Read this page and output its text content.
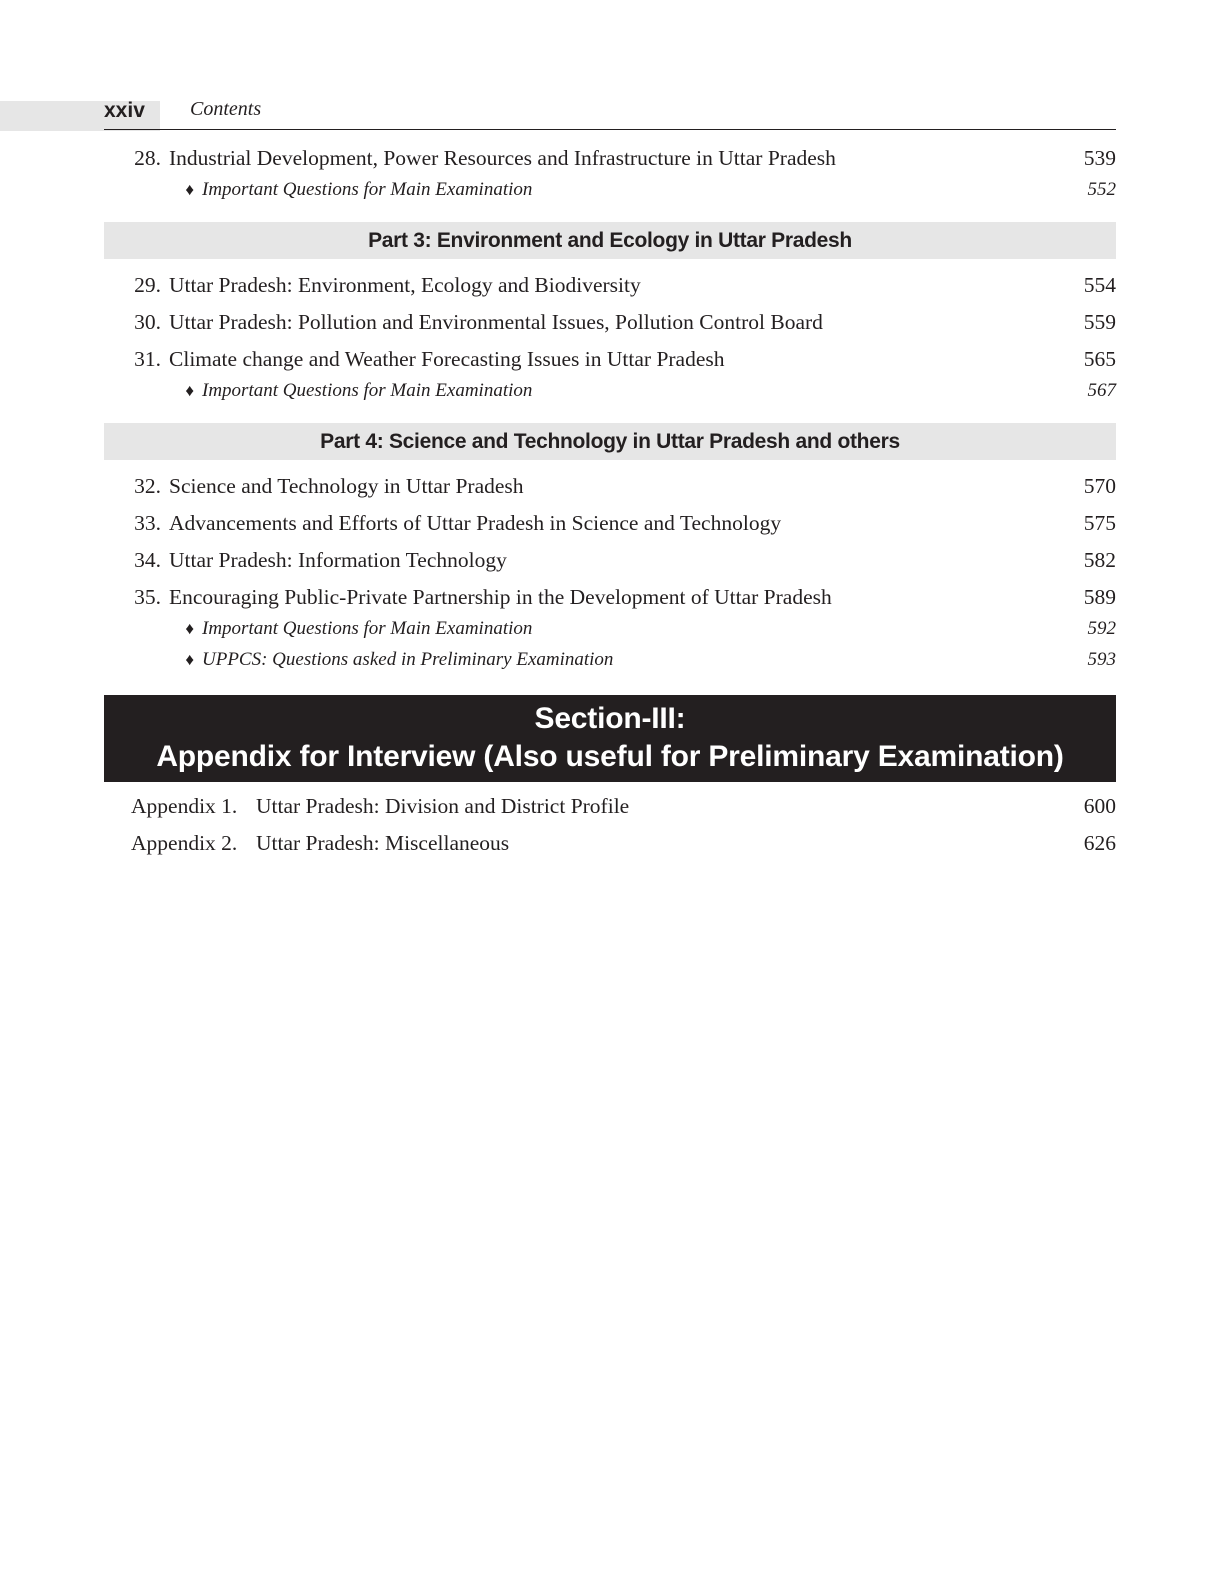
xxiv Contents
28. Industrial Development, Power Resources and Infrastructure in Uttar Pradesh	539
♦ Important Questions for Main Examination	552
Part 3: Environment and Ecology in Uttar Pradesh
29. Uttar Pradesh: Environment, Ecology and Biodiversity	554
30. Uttar Pradesh: Pollution and Environmental Issues, Pollution Control Board	559
31. Climate change and Weather Forecasting Issues in Uttar Pradesh	565
♦ Important Questions for Main Examination	567
Part 4: Science and Technology in Uttar Pradesh and others
32. Science and Technology in Uttar Pradesh	570
33. Advancements and Efforts of Uttar Pradesh in Science and Technology	575
34. Uttar Pradesh: Information Technology	582
35. Encouraging Public-Private Partnership in the Development of Uttar Pradesh	589
♦ Important Questions for Main Examination	592
♦ UPPCS: Questions asked in Preliminary Examination	593
Section-III:
Appendix for Interview (Also useful for Preliminary Examination)
Appendix 1. Uttar Pradesh: Division and District Profile	600
Appendix 2. Uttar Pradesh: Miscellaneous	626
